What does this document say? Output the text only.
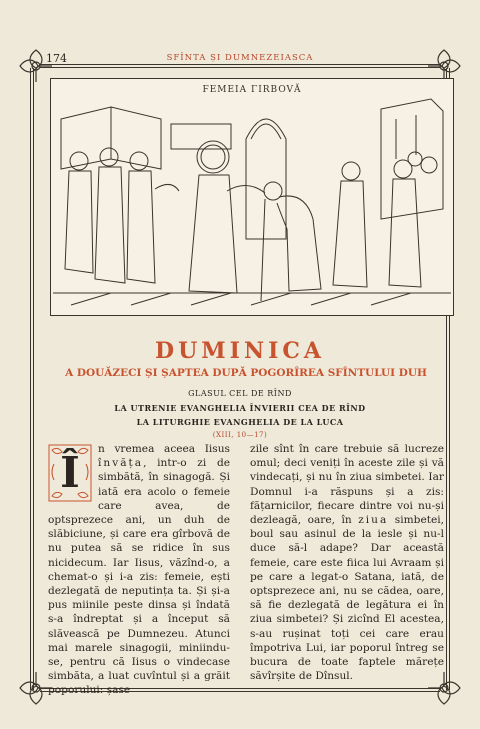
174	SFÎNTA ȘI DUMNEZEIASCA
ϜΕΜΕΙΑ ΓΙRBOVĂ
DUMINICA
A DOUĂZECI ȘI ȘAPTEA DUPĂ POGORÎREA SFÎNTULUI DUH
GLASUL CEL DE RÎND
LA UTRENIE EVANGHELIA ÎNVIERII CEA DE RÎND
LA LITURGHIE EVANGHELIA DE LA LUCA
(XIII, 10—17)
Î	n vremea aceea Iisus învăța, intr-o zi de simbătă, în sinagogă. Și iată era acolo o femeie care avea, de optsprezece ani, un duh de slăbiciune, și care era gîrbovă de nu putea să se ridice în sus nicidecum. Iar Iisus, văzînd-o, a chemat-o și i-a zis: femeie, ești dezlegată de neputința ta. Și și-a pus miinile peste dinsa și îndată s-a îndreptat și a început să slăvească pe Dumnezeu. Atunci mai marele sinagogii, miniindu-se, pentru că Iisus o vindecase simbăta, a luat cuvîntul și a grăit poporului: șase

zile sînt în care trebuie să lucreze omul; deci veniți în aceste zile și vă vindecați, și nu în ziua simbetei. Iar Domnul i-a răspuns și a zis: fățarnicilor, fiecare dintre voi nu-și dezleagă, oare, în ziua simbetei, boul sau asinul de la iesle și nu-l duce să-l adape? Dar această femeie, care este fiica lui Avraam și pe care a legat-o Satana, iată, de optsprezece ani, nu se cădea, oare, să fie dezlegată de legătura ei în ziua simbetei? Și zicînd El acestea, s-au rușinat toți cei care erau împotriva Lui, iar poporul întreg se bucura de toate faptele mărețe săvîrșite de Dînsul.
